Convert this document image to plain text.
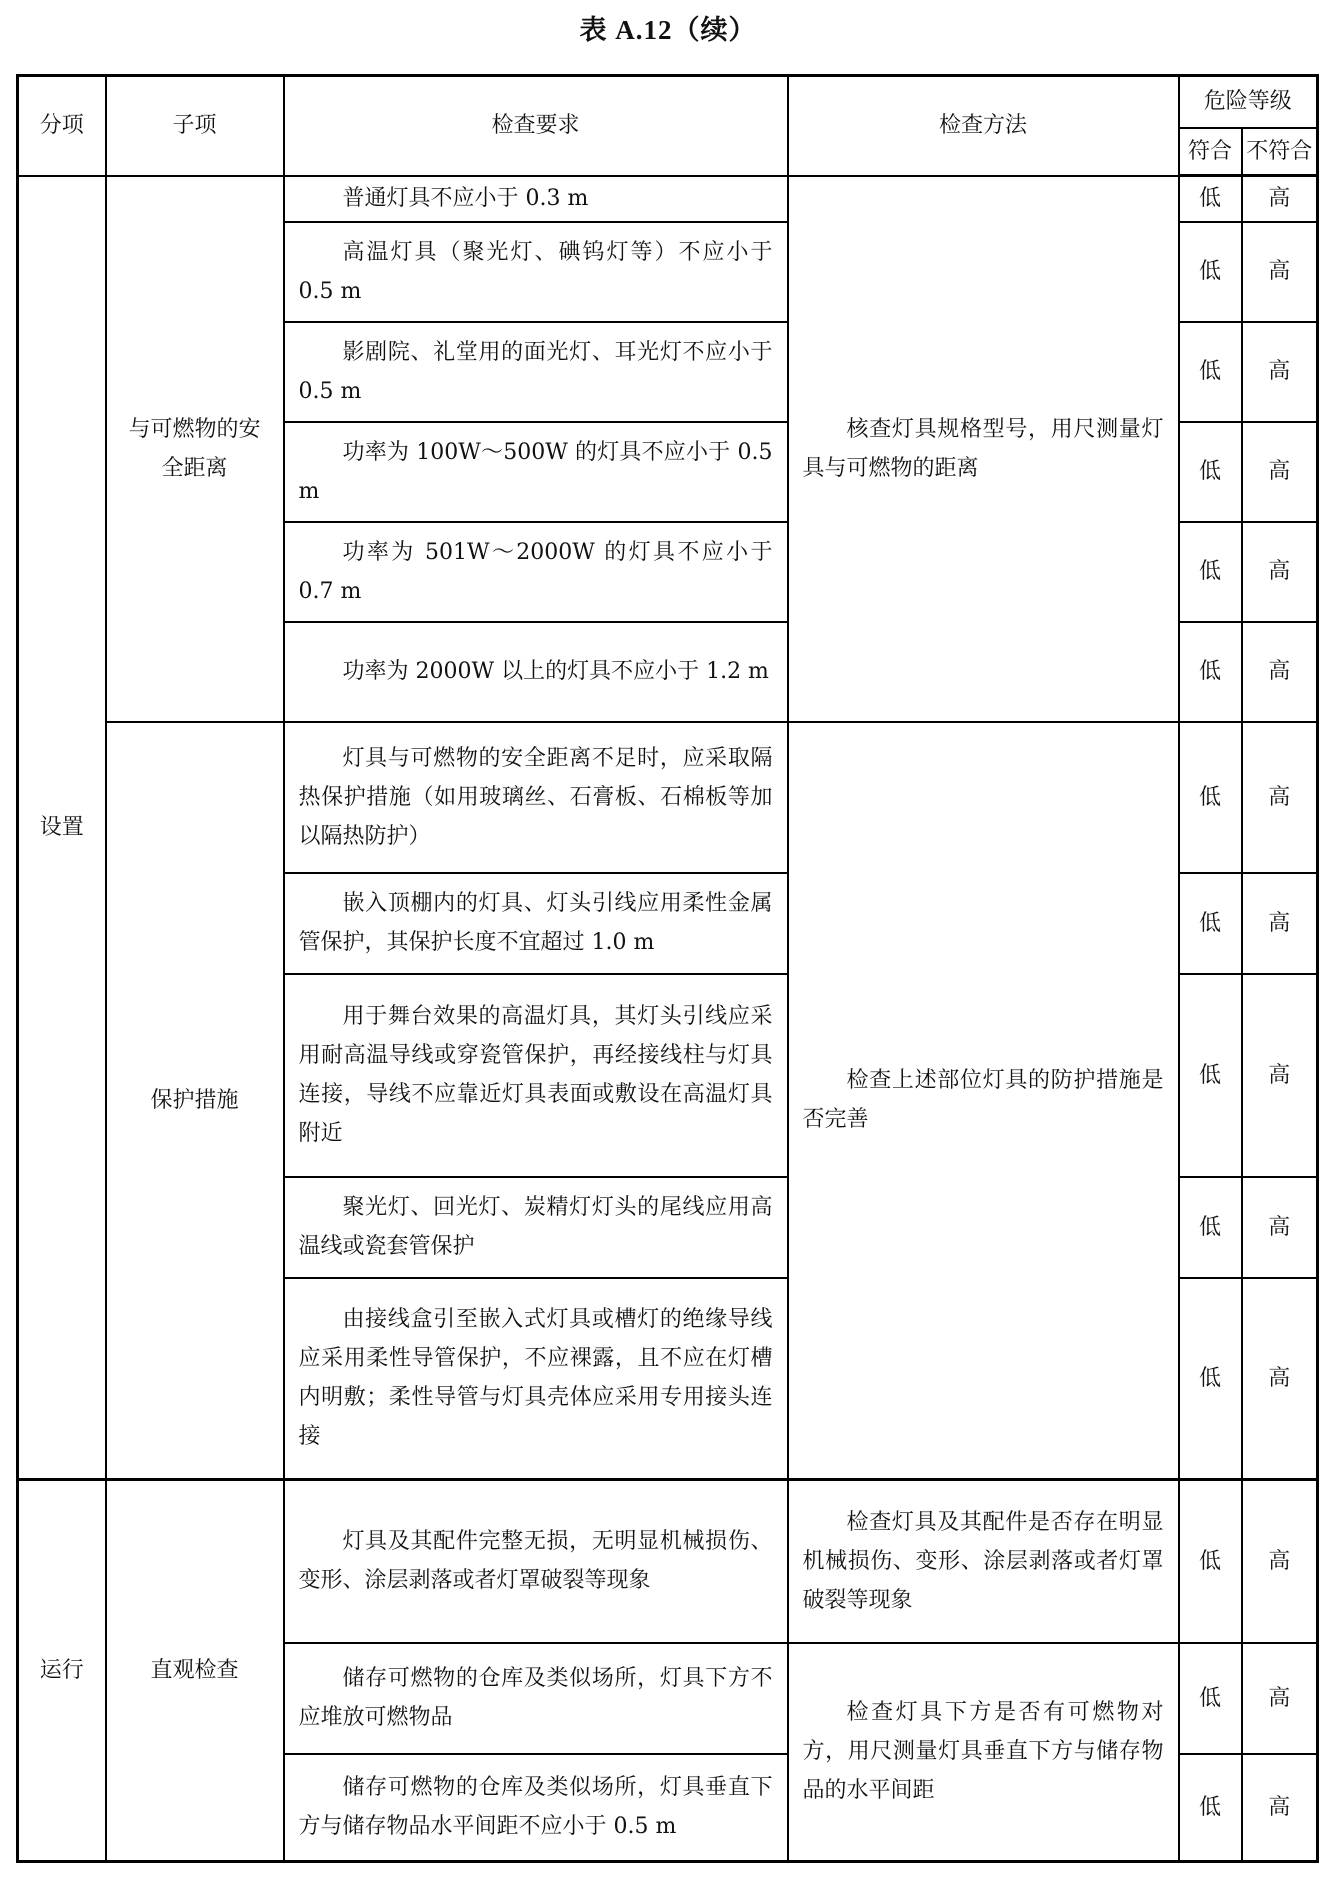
表 A.12（续）
分项	子项	检查要求	检查方法	危险等级	
				符合	不符合
设置	与可燃物的安全距离	普通灯具不应小于 0.3 m	核查灯具规格型号，用尺测量灯具与可燃物的距离	低	高

		高温灯具（聚光灯、碘钨灯等）不应小于 0.5 m		低	高

		影剧院、礼堂用的面光灯、耳光灯不应小于 0.5 m		低	高

		功率为 100W～500W 的灯具不应小于 0.5 m		低	高

		功率为 501W～2000W 的灯具不应小于 0.7 m		低	高

		功率为 2000W 以上的灯具不应小于 1.2 m		低	高
	保护措施	灯具与可燃物的安全距离不足时，应采取隔热保护措施（如用玻璃丝、石膏板、石棉板等加以隔热防护）	检查上述部位灯具的防护措施是否完善	低	高

		嵌入顶棚内的灯具、灯头引线应用柔性金属管保护，其保护长度不宜超过 1.0 m		低	高

		用于舞台效果的高温灯具，其灯头引线应采用耐高温导线或穿瓷管保护，再经接线柱与灯具连接，导线不应靠近灯具表面或敷设在高温灯具附近		低	高

		聚光灯、回光灯、炭精灯灯头的尾线应用高温线或瓷套管保护		低	高

		由接线盒引至嵌入式灯具或槽灯的绝缘导线应采用柔性导管保护，不应裸露，且不应在灯槽内明敷；柔性导管与灯具壳体应采用专用接头连接		低	高
运行	直观检查	灯具及其配件完整无损，无明显机械损伤、变形、涂层剥落或者灯罩破裂等现象	检查灯具及其配件是否存在明显机械损伤、变形、涂层剥落或者灯罩破裂等现象	低	高

		储存可燃物的仓库及类似场所，灯具下方不应堆放可燃物品	检查灯具下方是否有可燃物对方，用尺测量灯具垂直下方与储存物品的水平间距	低	高

		储存可燃物的仓库及类似场所，灯具垂直下方与储存物品水平间距不应小于 0.5 m		低	高
